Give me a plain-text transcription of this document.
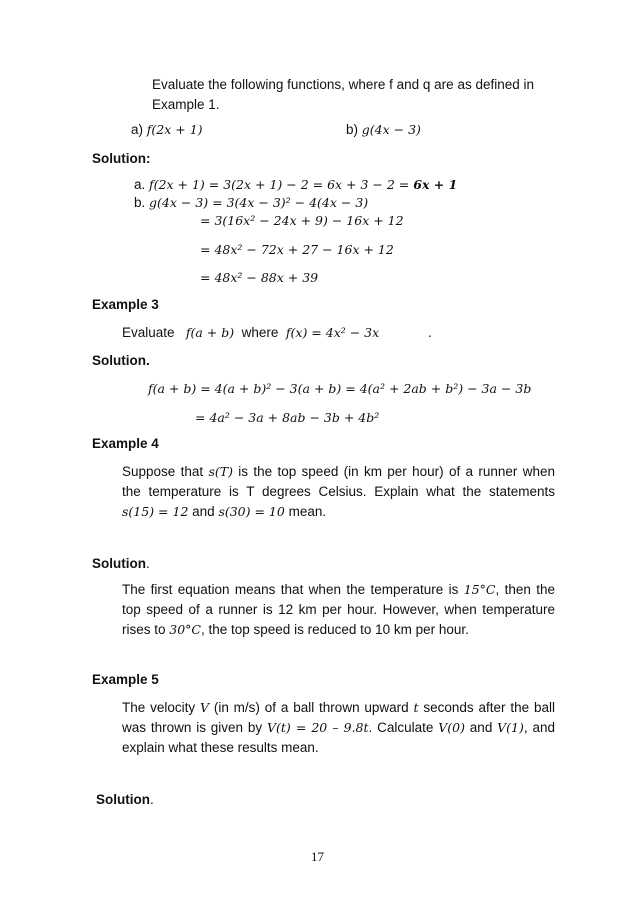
Evaluate the following functions, where f and q are as defined in
Example 1.
a) f(2x + 1)	b) g(4x − 3)
Solution:
a. f(2x + 1) = 3(2x + 1) − 2 = 6x + 3 − 2 = 6x + 1
b. g(4x − 3) = 3(4x − 3)² − 4(4x − 3)
= 3(16x² − 24x + 9) − 16x + 12
= 48x² − 72x + 27 − 16x + 12
= 48x² − 88x + 39
Example 3
Evaluate f(a + b) where f(x) = 4x² − 3x	.
Solution.
f(a + b) = 4(a + b)² − 3(a + b) = 4(a² + 2ab + b²) − 3a − 3b
= 4a² − 3a + 8ab − 3b + 4b²
Example 4
Suppose that s(T) is the top speed (in km per hour) of a runner when the temperature is T degrees Celsius. Explain what the statements s(15) = 12 and s(30) = 10 mean.
Solution.
The first equation means that when the temperature is 15°C, then the top speed of a runner is 12 km per hour. However, when temperature rises to 30°C, the top speed is reduced to 10 km per hour.
Example 5
The velocity V (in m/s) of a ball thrown upward t seconds after the ball was thrown is given by V(t) = 20 – 9.8t. Calculate V(0) and V(1), and explain what these results mean.
Solution.
17
